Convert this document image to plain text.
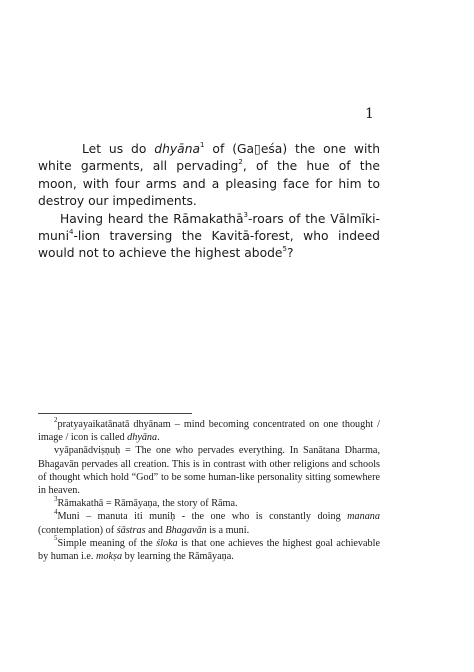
1

Let us do dhyāna$^1$ of (Ga▯eśa) the one with white garments, all pervading$^2$, of the hue of the moon, with four arms and a pleasing face for him to destroy our impediments.

Having heard the Rāmakathā$^3$-roars of the Vālmīki-muni$^4$-lion traversing the Kavitā-forest, who indeed would not to achieve the highest abode$^5$?

$^2$pratyayaikatānatā dhyānam – mind becoming concentrated on one thought / image / icon is called dhyāna.

vyāpanādviṣṇuḥ = The one who pervades everything. In Sanātana Dharma, Bhagavān pervades all creation. This is in contrast with other religions and schools of thought which hold “God” to be some human-like personality sitting somewhere in heaven.

$^3$Rāmakathā = Rāmāyaṇa, the story of Rāma.

$^4$Muni – manuta iti muniḥ - the one who is constantly doing manana (contemplation) of śāstras and Bhagavān is a muni.

$^5$Simple meaning of the śloka is that one achieves the highest goal achievable by human i.e. mokṣa by learning the Rāmāyaṇa.
